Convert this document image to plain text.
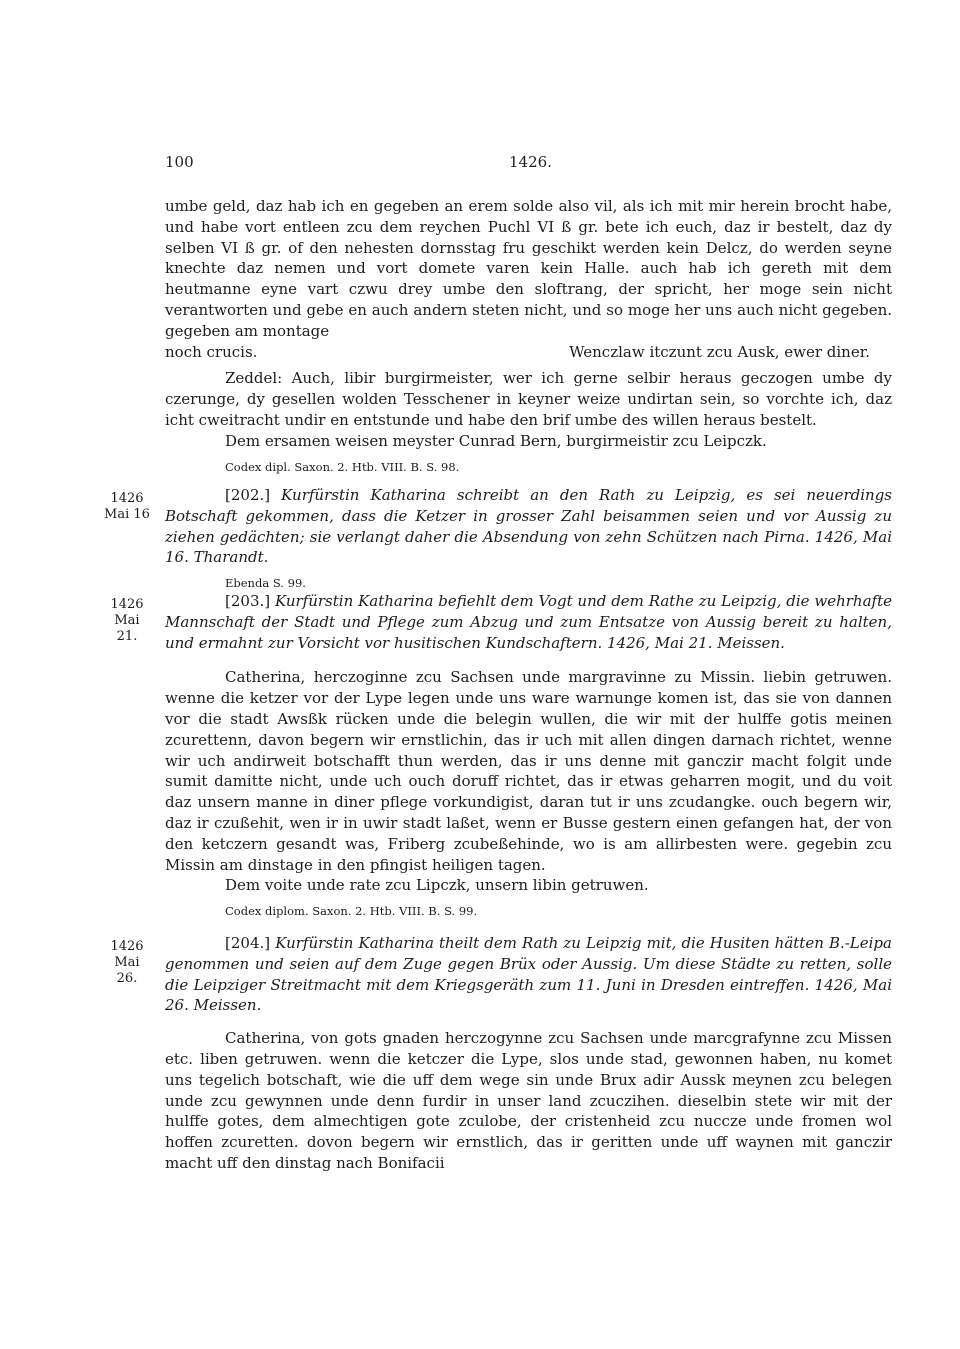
100	1426.

umbe geld, daz hab ich en gegeben an erem solde also vil, als ich mit mir herein brocht habe, und habe vort entleen zcu dem reychen Puchl VI ß gr. bete ich euch, daz ir bestelt, daz dy selben VI ß gr. of den nehesten dornsstag fru geschikt werden kein Delcz, do werden seyne knechte daz nemen und vort domete varen kein Halle. auch hab ich gereth mit dem heutmanne eyne vart czwu drey umbe den sloftrang, der spricht, her moge sein nicht verantworten und gebe en auch andern steten nicht, und so moge her uns auch nicht gegeben. gegeben am montage

noch crucis.	Wenczlaw itczunt zcu Ausk, ewer diner.

Zeddel: Auch, libir burgirmeister, wer ich gerne selbir heraus geczogen umbe dy czerunge, dy gesellen wolden Tesschener in keyner weize undirtan sein, so vorchte ich, daz icht cweitracht undir en entstunde und habe den brif umbe des willen heraus bestelt.

Dem ersamen weisen meyster Cunrad Bern, burgirmeistir zcu Leipczk.

Codex dipl. Saxon. 2. Htb. VIII. B. S. 98.

1426
Mai 16

[202.] Kurfürstin Katharina schreibt an den Rath zu Leipzig, es sei neuerdings Botschaft gekommen, dass die Ketzer in grosser Zahl beisammen seien und vor Aussig zu ziehen gedächten; sie verlangt daher die Absendung von zehn Schützen nach Pirna. 1426, Mai 16. Tharandt.

Ebenda S. 99.

1426
Mai 21.

[203.] Kurfürstin Katharina befiehlt dem Vogt und dem Rathe zu Leipzig, die wehrhafte Mannschaft der Stadt und Pflege zum Abzug und zum Entsatze von Aussig bereit zu halten, und ermahnt zur Vorsicht vor husitischen Kundschaftern. 1426, Mai 21. Meissen.

Catherina, herczoginne zcu Sachsen unde margravinne zu Missin. liebin getruwen. wenne die ketzer vor der Lype legen unde uns ware warnunge komen ist, das sie von dannen vor die stadt Awsßk rücken unde die belegin wullen, die wir mit der hulffe gotis meinen zcurettenn, davon begern wir ernstlichin, das ir uch mit allen dingen darnach richtet, wenne wir uch andirweit botschafft thun werden, das ir uns denne mit ganczir macht folgit unde sumit damitte nicht, unde uch ouch doruff richtet, das ir etwas geharren mogit, und du voit daz unsern manne in diner pflege vorkundigist, daran tut ir uns zcudangke. ouch begern wir, daz ir czußehit, wen ir in uwir stadt laßet, wenn er Busse gestern einen gefangen hat, der von den ketczern gesandt was, Friberg zcubeßehinde, wo is am allirbesten were. gegebin zcu Missin am dinstage in den pfingist heiligen tagen.

Dem voite unde rate zcu Lipczk, unsern libin getruwen.

Codex diplom. Saxon. 2. Htb. VIII. B. S. 99.

1426
Mai 26.

[204.] Kurfürstin Katharina theilt dem Rath zu Leipzig mit, die Husiten hätten B.-Leipa genommen und seien auf dem Zuge gegen Brüx oder Aussig. Um diese Städte zu retten, solle die Leipziger Streitmacht mit dem Kriegsgeräth zum 11. Juni in Dresden eintreffen. 1426, Mai 26. Meissen.

Catherina, von gots gnaden herczogynne zcu Sachsen unde marcgrafynne zcu Missen etc. liben getruwen. wenn die ketczer die Lype, slos unde stad, gewonnen haben, nu komet uns tegelich botschaft, wie die uff dem wege sin unde Brux adir Aussk meynen zcu belegen unde zcu gewynnen unde denn furdir in unser land zcuczihen. dieselbin stete wir mit der hulffe gotes, dem almechtigen gote zculobe, der cristenheid zcu nuccze unde fromen wol hoffen zcuretten. dovon begern wir ernstlich, das ir geritten unde uff waynen mit ganczir macht uff den dinstag nach Bonifacii
